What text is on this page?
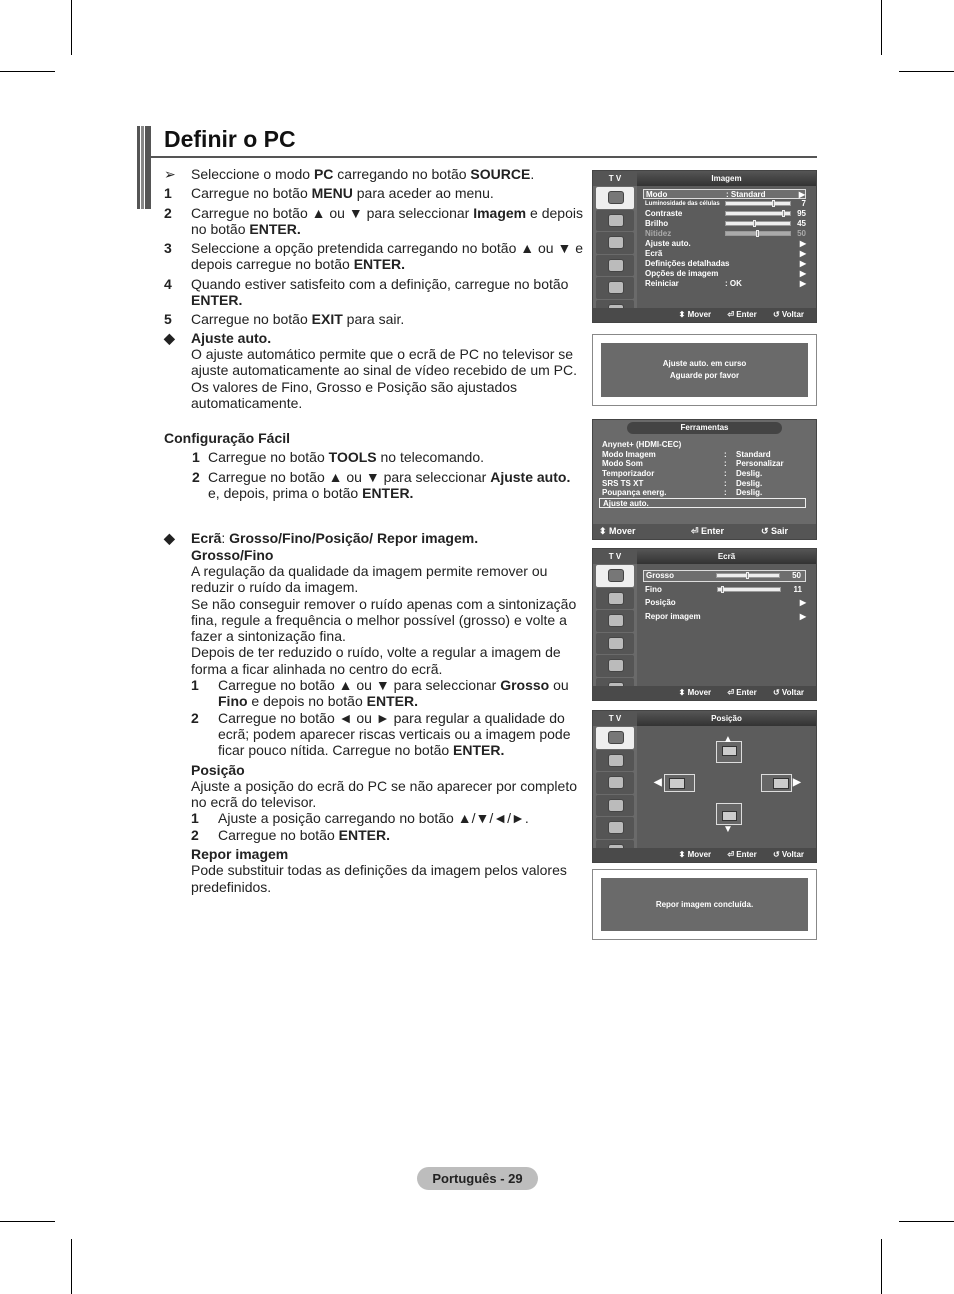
Definir o PC
➢	Seleccione o modo PC carregando no botão SOURCE.
1	Carregue no botão MENU para aceder ao menu.
2	Carregue no botão ▲ ou ▼ para seleccionar Imagem e depois no botão ENTER.
3	Seleccione a opção pretendida carregando no botão ▲ ou ▼ e depois carregue no botão ENTER.
4	Quando estiver satisfeito com a definição, carregue no botão ENTER.
5	Carregue no botão EXIT para sair.
◆	Ajuste auto.
O ajuste automático permite que o ecrã de PC no televisor se ajuste automaticamente ao sinal de vídeo recebido de um PC. Os valores de Fino, Grosso e Posição são ajustados automaticamente.
Configuração Fácil
1 Carregue no botão TOOLS no telecomando.
2 Carregue no botão ▲ ou ▼ para seleccionar Ajuste auto. e, depois, prima o botão ENTER.
◆	Ecrã: Grosso/Fino/Posição/ Repor imagem.
Grosso/Fino
A regulação da qualidade da imagem permite remover ou reduzir o ruído da imagem.
Se não conseguir remover o ruído apenas com a sintonização fina, regule a frequência o melhor possível (grosso) e volte a fazer a sintonização fina.
Depois de ter reduzido o ruído, volte a regular a imagem de forma a ficar alinhada no centro do ecrã.
1	Carregue no botão ▲ ou ▼ para seleccionar Grosso ou Fino e depois no botão ENTER.
2	Carregue no botão ◄ ou ► para regular a qualidade do ecrã; podem aparecer riscas verticais ou a imagem pode ficar pouco nítida. Carregue no botão ENTER.
Posição
Ajuste a posição do ecrã do PC se não aparecer por completo no ecrã do televisor.
1	Ajuste a posição carregando no botão ▲/▼/◄/►.
2	Carregue no botão ENTER.
Repor imagem
Pode substituir todas as definições da imagem pelos valores predefinidos.
T V	Imagem
Modo	: Standard	▶
Luminosidade das células	7
Contraste	95
Brilho	45
Nitidez	50
Ajuste auto.	▶
Ecrã	▶
Definições detalhadas	▶
Opções de imagem	▶
Reiniciar	: OK	▶
⬍ Mover ⏎ Enter ↺ Voltar
Ajuste auto. em curso
Aguarde por favor
Ferramentas
Anynet+ (HDMI-CEC)
Modo Imagem	: Standard
Modo Som	: Personalizar
Temporizador	: Deslig.
SRS TS XT	: Deslig.
Poupança energ.	: Deslig.
Ajuste auto.
⬍ Mover	⏎ Enter	↺ Sair
T V	Ecrã
Grosso	50
Fino	11
Posição	▶
Repor imagem	▶
⬍ Mover ⏎ Enter ↺ Voltar
T V	Posição
▲
◀	▶
▼
⬍ Mover ⏎ Enter ↺ Voltar
Repor imagem concluída.
Português - 29
